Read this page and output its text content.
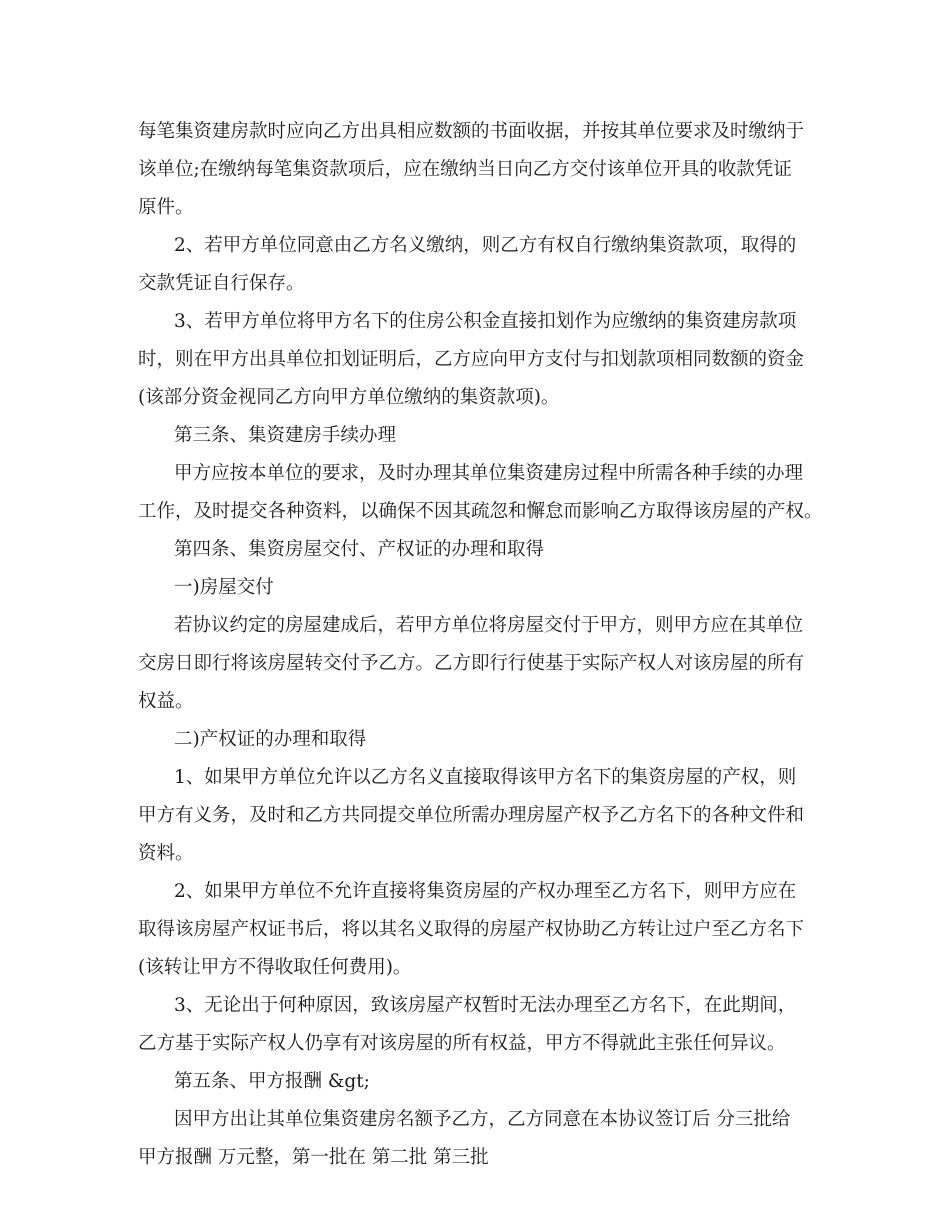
每笔集资建房款时应向乙方出具相应数额的书面收据，并按其单位要求及时缴纳于
该单位;在缴纳每笔集资款项后，应在缴纳当日向乙方交付该单位开具的收款凭证
原件。
2、若甲方单位同意由乙方名义缴纳，则乙方有权自行缴纳集资款项，取得的
交款凭证自行保存。
3、若甲方单位将甲方名下的住房公积金直接扣划作为应缴纳的集资建房款项
时，则在甲方出具单位扣划证明后，乙方应向甲方支付与扣划款项相同数额的资金
(该部分资金视同乙方向甲方单位缴纳的集资款项)。
第三条、集资建房手续办理
甲方应按本单位的要求，及时办理其单位集资建房过程中所需各种手续的办理
工作，及时提交各种资料，以确保不因其疏忽和懈怠而影响乙方取得该房屋的产权。
第四条、集资房屋交付、产权证的办理和取得
一)房屋交付
若协议约定的房屋建成后，若甲方单位将房屋交付于甲方，则甲方应在其单位
交房日即行将该房屋转交付予乙方。乙方即行行使基于实际产权人对该房屋的所有
权益。
二)产权证的办理和取得
1、如果甲方单位允许以乙方名义直接取得该甲方名下的集资房屋的产权，则
甲方有义务，及时和乙方共同提交单位所需办理房屋产权予乙方名下的各种文件和
资料。
2、如果甲方单位不允许直接将集资房屋的产权办理至乙方名下，则甲方应在
取得该房屋产权证书后，将以其名义取得的房屋产权协助乙方转让过户至乙方名下
(该转让甲方不得收取任何费用)。
3、无论出于何种原因，致该房屋产权暂时无法办理至乙方名下，在此期间，
乙方基于实际产权人仍享有对该房屋的所有权益，甲方不得就此主张任何异议。
第五条、甲方报酬 &gt;
因甲方出让其单位集资建房名额予乙方，乙方同意在本协议签订后 分三批给
甲方报酬 万元整，第一批在 第二批 第三批
